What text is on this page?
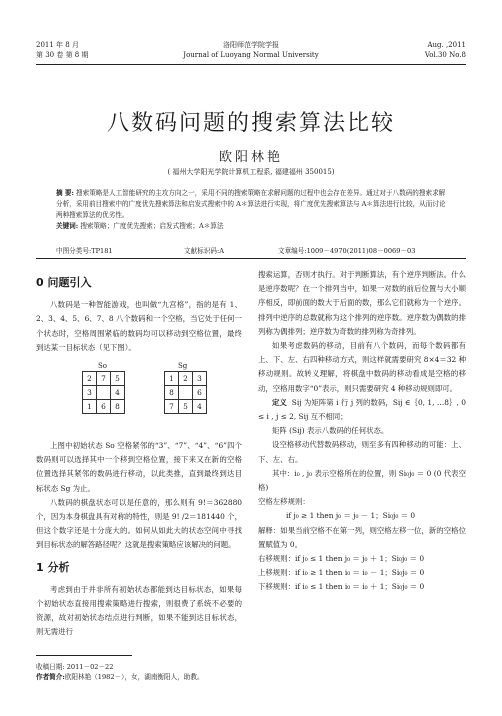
2011 年 8 月
第 30 卷 第 8 期
洛阳师范学院学报
Journal of Luoyang Normal University
Aug. ,2011
Vol.30 No.8
八数码问题的搜索算法比较
欧阳林艳
( 福州大学阳光学院计算机工程系, 福建福州 350015)
摘 要: 搜索策略是人工智能研究的主攻方向之一，采用不同的搜索策略在求解问题的过程中也会存在差异。通过对于八数码的搜索求解分析，采用前目搜索中的广度优先搜索算法和启发式搜索中的 A＊算法进行实现，将广度优先搜索算法与 A＊算法进行比较，从而讨论两种搜索算法的优劣性。
关键词: 搜索策略；广度优先搜索；启发式搜索；A＊算法
中图分类号:TP181	文献标识码:A	文章编号:1009－4970(2011)08－0069－03
0 问题引入

八数码是一种智能游戏，也叫做“九宫格”，指的是有 1、2、3、4、5、6、7、8 八个数码和一个空格，当它处于任何一个状态时，空格周围紧临的数码均可以移动到空格位置，最终到达某一目标状态（见下图）。

So	Sg
2	7	5
3		4
1	6	8
1	2	3
8		6
7	5	4

上图中初始状态 So 空格紧邻的“3”、“7”、“4”、“6”四个数码则可以选择其中一个移到空格位置，接下来又在新的空格位置选择其紧邻的数码进行移动，以此类推，直到最终到达目标状态 Sg 为止。

八数码的棋盘状态可以是任意的，那么则有 9!＝362880 个，因为本身棋盘具有对称的特性，则是 9! /2＝181440 个，但这个数字还是十分庞大的。如何从如此大的状态空间中寻找到目标状态的解答路径呢？这就是搜索策略应该解决的问题。

1 分析

考虑到由于并非所有初始状态都能到达目标状态，如果每个初始状态直接用搜索策略进行搜索，则很费了系统不必要的资源，故对初始状态结点进行判断，如果不能到达目标状态，则无需进行

搜索运算，否则才执行。对于判断算法，有个逆序判断法。什么是逆序数呢？在一个排列当中，如果一对数的前后位置与大小顺序相反，即前面的数大于后面的数，那么它们就称为一个逆序。排列中逆序的总数就称为这个排列的逆序数。逆序数为偶数的排列称为偶排列；逆序数为奇数的排列称为奇排列。

如果考虑数码的移动，目前有八个数码，而每个数码都有上、下、左、右四种移动方式，则这样就需要研究 8×4＝32 种移动规则。故转义理解，将棋盘中数码的移动看成是空格的移动，空格用数字“0”表示，则只需要研究 4 种移动规则即可。

定义 Sij 为矩阵第 i 行 j 列的数码，Sij ∈｛0, 1, …8｝, 0 ≤ i , j ≤ 2, Sij 互不相同；

矩阵 (Sij) 表示八数码的任何状态。

设空格移动代替数码移动，则至多有四种移动的可能：上、下、左、右。

其中：i₀ , j₀ 表示空格所在的位置，则 Si₀j₀ ＝ 0 (0 代表空格)

空格左移规则：

if j₀ ≥ 1 then j₀ ＝ j₀ － 1；Si₀j₀ ＝ 0

解释：如果当前空格不在第一列，则空格左移一位，新的空格位置赋值为 0。

右移规则：if j₀ ≤ 1 then j₀ ＝ j₀ ＋ 1；Si₀j₀ ＝ 0

上移规则：if i₀ ≥ 1 then i₀ ＝ i₀ － 1；Si₀j₀ ＝ 0

下移规则：if i₀ ≤ 1 then i₀ ＝ i₀ ＋ 1；Si₀j₀ ＝ 0

收稿日期: 2011－02－22
作者简介:欧阳林艳（1982－），女，湖南衡阳人，助教。
